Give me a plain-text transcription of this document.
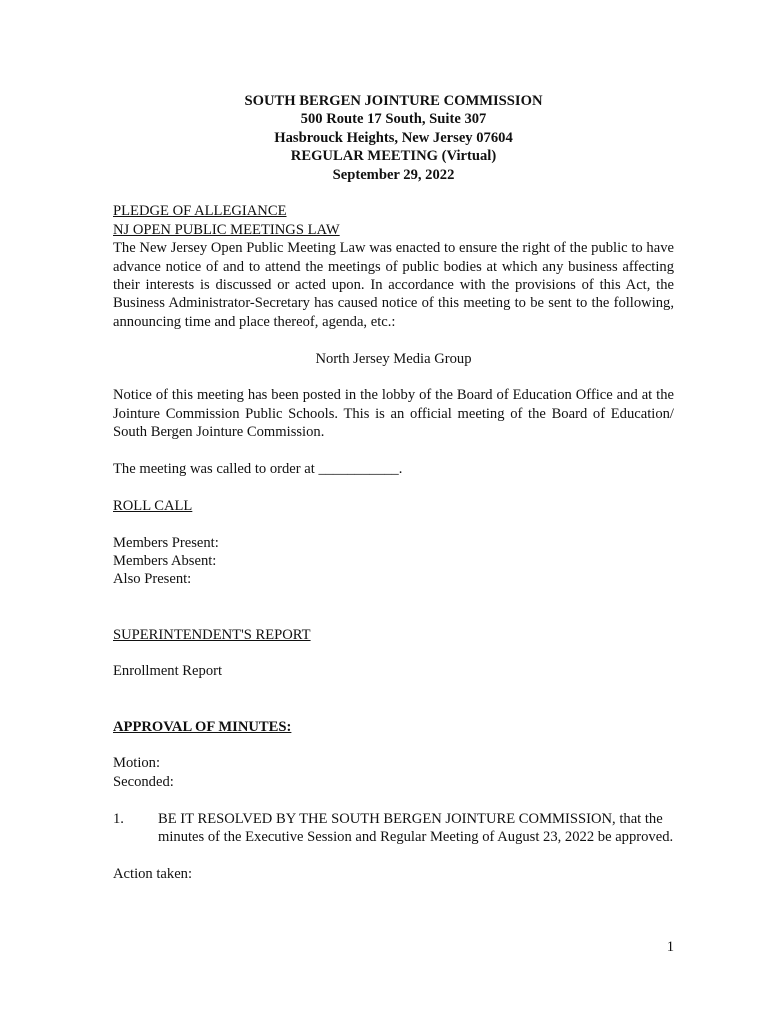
SOUTH BERGEN JOINTURE COMMISSION

500 Route 17 South, Suite 307

Hasbrouck Heights, New Jersey 07604

REGULAR MEETING (Virtual)

September 29, 2022

PLEDGE OF ALLEGIANCE

NJ OPEN PUBLIC MEETINGS LAW

The New Jersey Open Public Meeting Law was enacted to ensure the right of the public to have advance notice of and to attend the meetings of public bodies at which any business affecting their interests is discussed or acted upon. In accordance with the provisions of this Act, the Business Administrator-Secretary has caused notice of this meeting to be sent to the following, announcing time and place thereof, agenda, etc.:

North Jersey Media Group

Notice of this meeting has been posted in the lobby of the Board of Education Office and at the Jointure Commission Public Schools. This is an official meeting of the Board of Education/ South Bergen Jointure Commission.

The meeting was called to order at ___________.

ROLL CALL

Members Present:

Members Absent:

Also Present:

SUPERINTENDENT'S REPORT

Enrollment Report

APPROVAL OF MINUTES:

Motion:

Seconded:

1.	BE IT RESOLVED BY THE SOUTH BERGEN JOINTURE COMMISSION, that the minutes of the Executive Session and Regular Meeting of August 23, 2022 be approved.

Action taken:

1
